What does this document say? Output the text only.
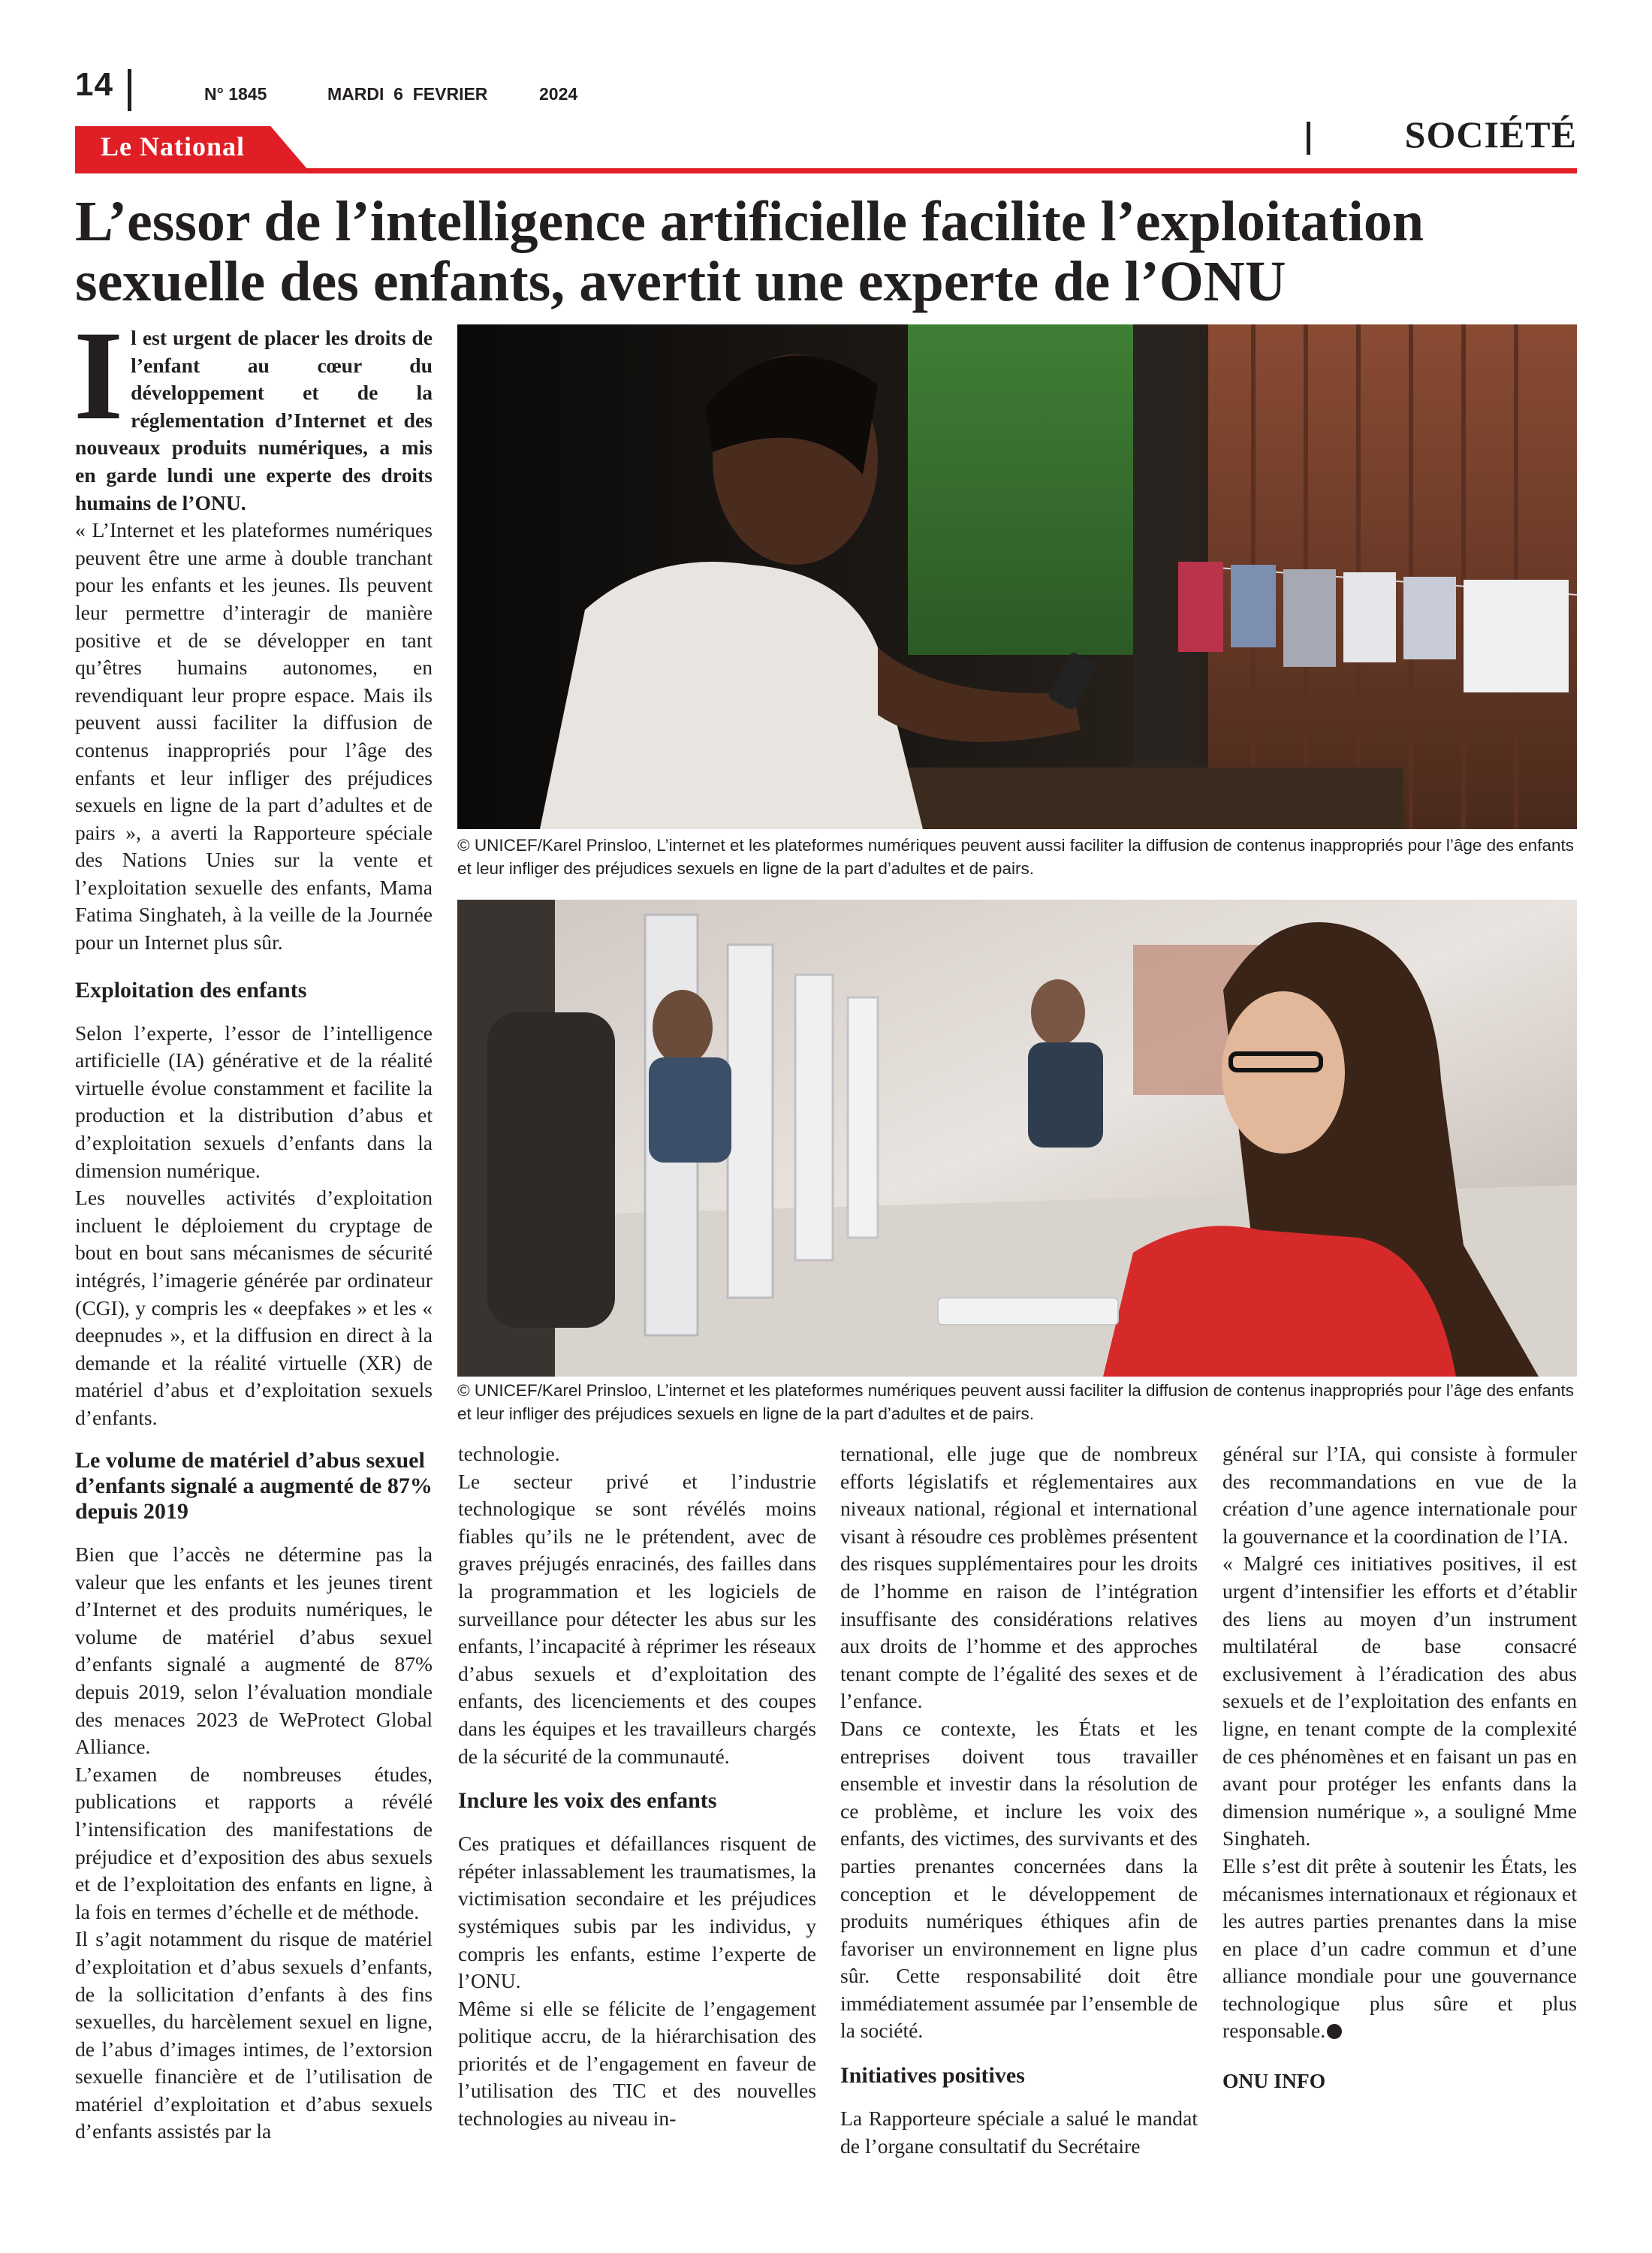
14	N° 1845	MARDI  6  FEVRIER	2024
Le National	SOCIÉTÉ
L’essor de l’intelligence artificielle facilite l’exploitation sexuelle des enfants, avertit une experte de l’ONU

Il est urgent de placer les droits de l’enfant au cœur du développement et de la réglementation d’Internet et des nouveaux produits numériques, a mis en garde lundi une experte des droits humains de l’ONU.

« L’Internet et les plateformes numériques peuvent être une arme à double tranchant pour les enfants et les jeunes. Ils peuvent leur permettre d’interagir de manière positive et de se développer en tant qu’êtres humains autonomes, en revendiquant leur propre espace. Mais ils peuvent aussi faciliter la diffusion de contenus inappropriés pour l’âge des enfants et leur infliger des préjudices sexuels en ligne de la part d’adultes et de pairs », a averti la Rapporteure spéciale des Nations Unies sur la vente et l’exploitation sexuelle des enfants, Mama Fatima Singhateh, à la veille de la Journée pour un Internet plus sûr.

Exploitation des enfants

Selon l’experte, l’essor de l’intelligence artificielle (IA) générative et de la réalité virtuelle évolue constamment et facilite la production et la distribution d’abus et d’exploitation sexuels d’enfants dans la dimension numérique.

Les nouvelles activités d’exploitation incluent le déploiement du cryptage de bout en bout sans mécanismes de sécurité intégrés, l’imagerie générée par ordinateur (CGI), y compris les « deepfakes » et les « deepnudes », et la diffusion en direct à la demande et la réalité virtuelle (XR) de matériel d’abus et d’exploitation sexuels d’enfants.

Le volume de matériel d’abus sexuel d’enfants signalé a augmenté de 87% depuis 2019

Bien que l’accès ne détermine pas la valeur que les enfants et les jeunes tirent d’Internet et des produits numériques, le volume de matériel d’abus sexuel d’enfants signalé a augmenté de 87% depuis 2019, selon l’évaluation mondiale des menaces 2023 de WeProtect Global Alliance.

L’examen de nombreuses études, publications et rapports a révélé l’intensification des manifestations de préjudice et d’exposition des abus sexuels et de l’exploitation des enfants en ligne, à la fois en termes d’échelle et de méthode.

Il s’agit notamment du risque de matériel d’exploitation et d’abus sexuels d’enfants, de la sollicitation d’enfants à des fins sexuelles, du harcèlement sexuel en ligne, de l’abus d’images intimes, de l’extorsion sexuelle financière et de l’utilisation de matériel d’exploitation et d’abus sexuels d’enfants assistés par la

© UNICEF/Karel Prinsloo, L’internet et les plateformes numériques peuvent aussi faciliter la diffusion de contenus inappropriés pour l’âge des enfants et leur infliger des préjudices sexuels en ligne de la part d’adultes et de pairs.
© UNICEF/Karel Prinsloo, L’internet et les plateformes numériques peuvent aussi faciliter la diffusion de contenus inappropriés pour l’âge des enfants et leur infliger des préjudices sexuels en ligne de la part d’adultes et de pairs.

technologie.

Le secteur privé et l’industrie technologique se sont révélés moins fiables qu’ils ne le prétendent, avec de graves préjugés enracinés, des failles dans la programmation et les logiciels de surveillance pour détecter les abus sur les enfants, l’incapacité à réprimer les réseaux d’abus sexuels et d’exploitation des enfants, des licenciements et des coupes dans les équipes et les travailleurs chargés de la sécurité de la communauté.

Inclure les voix des enfants

Ces pratiques et défaillances risquent de répéter inlassablement les traumatismes, la victimisation secondaire et les préjudices systémiques subis par les individus, y compris les enfants, estime l’experte de l’ONU.

Même si elle se félicite de l’engagement politique accru, de la hiérarchisation des priorités et de l’engagement en faveur de l’utilisation des TIC et des nouvelles technologies au niveau in-

ternational, elle juge que de nombreux efforts législatifs et réglementaires aux niveaux national, régional et international visant à résoudre ces problèmes présentent des risques supplémentaires pour les droits de l’homme en raison de l’intégration insuffisante des considérations relatives aux droits de l’homme et des approches tenant compte de l’égalité des sexes et de l’enfance.

Dans ce contexte, les États et les entreprises doivent tous travailler ensemble et investir dans la résolution de ce problème, et inclure les voix des enfants, des victimes, des survivants et des parties prenantes concernées dans la conception et le développement de produits numériques éthiques afin de favoriser un environnement en ligne plus sûr. Cette responsabilité doit être immédiatement assumée par l’ensemble de la société.

Initiatives positives

La Rapporteure spéciale a salué le mandat de l’organe consultatif du Secrétaire

général sur l’IA, qui consiste à formuler des recommandations en vue de la création d’une agence internationale pour la gouvernance et la coordination de l’IA.

« Malgré ces initiatives positives, il est urgent d’intensifier les efforts et d’établir des liens au moyen d’un instrument multilatéral de base consacré exclusivement à l’éradication des abus sexuels et de l’exploitation des enfants en ligne, en tenant compte de la complexité de ces phénomènes et en faisant un pas en avant pour protéger les enfants dans la dimension numérique », a souligné Mme Singhateh.

Elle s’est dit prête à soutenir les États, les mécanismes internationaux et régionaux et les autres parties prenantes dans la mise en place d’un cadre commun et d’une alliance mondiale pour une gouvernance technologique plus sûre et plus responsable.

ONU INFO
